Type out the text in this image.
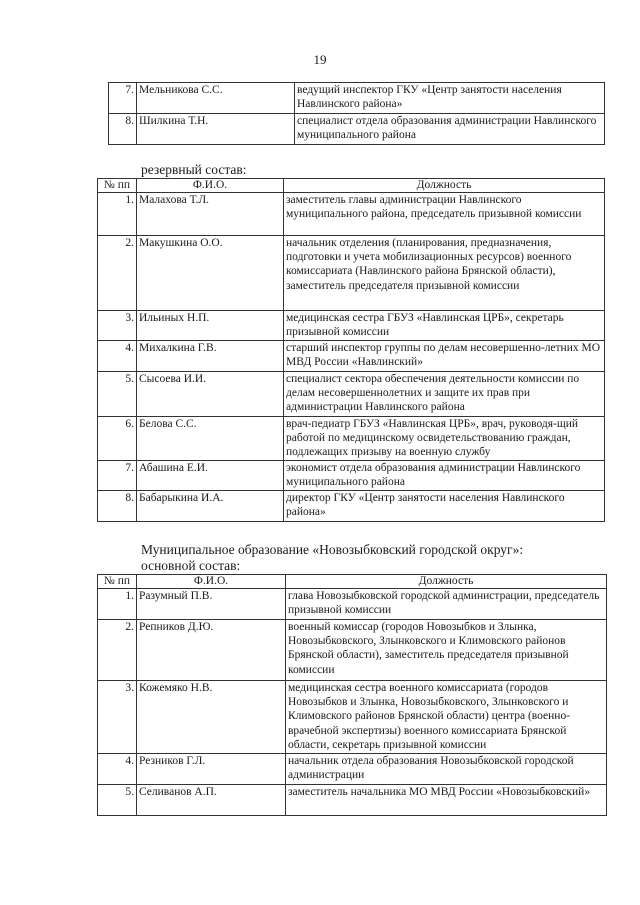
19
7.	Мельникова С.С.	ведущий инспектор ГКУ «Центр занятости населения Навлинского района»
8.	Шилкина Т.Н.	специалист отдела образования администрации Навлинского муниципального района
резервный состав:
№ пп	Ф.И.О.	Должность
1.	Малахова Т.Л.	заместитель главы администрации Навлинского муниципального района, председатель призывной комиссии
2.	Макушкина О.О.	начальник отделения (планирования, предназначения, подготовки и учета мобилизационных ресурсов) военного комиссариата (Навлинского района Брянской области), заместитель председателя призывной комиссии
3.	Ильиных Н.П.	медицинская сестра ГБУЗ «Навлинская ЦРБ», секретарь призывной комиссии
4.	Михалкина Г.В.	старший инспектор группы по делам несовершенно-летних МО МВД России «Навлинский»
5.	Сысоева И.И.	специалист сектора обеспечения деятельности комиссии по делам несовершеннолетних и защите их прав при администрации Навлинского района
6.	Белова С.С.	врач-педиатр ГБУЗ «Навлинская ЦРБ», врач, руководя-щий работой по медицинскому освидетельствованию граждан, подлежащих призыву на военную службу
7.	Абашина Е.И.	экономист отдела образования администрации Навлинского муниципального района
8.	Бабарыкина И.А.	директор ГКУ «Центр занятости населения Навлинского района»
Муниципальное образование «Новозыбковский городской округ»:
основной состав:
№ пп	Ф.И.О.	Должность
1.	Разумный П.В.	глава Новозыбковской городской администрации, председатель призывной комиссии
2.	Репников Д.Ю.	военный комиссар (городов Новозыбков и Злынка, Новозыбковского, Злынковского и Климовского районов Брянской области), заместитель председателя призывной комиссии
3.	Кожемяко Н.В.	медицинская сестра военного комиссариата (городов Новозыбков и Злынка, Новозыбковского, Злынковского и Климовского районов Брянской области) центра (военно-врачебной экспертизы) военного комиссариата Брянской области, секретарь призывной комиссии
4.	Резников Г.Л.	начальник отдела образования Новозыбковской городской администрации
5.	Селиванов А.П.	заместитель начальника МО МВД России «Новозыбковский»
